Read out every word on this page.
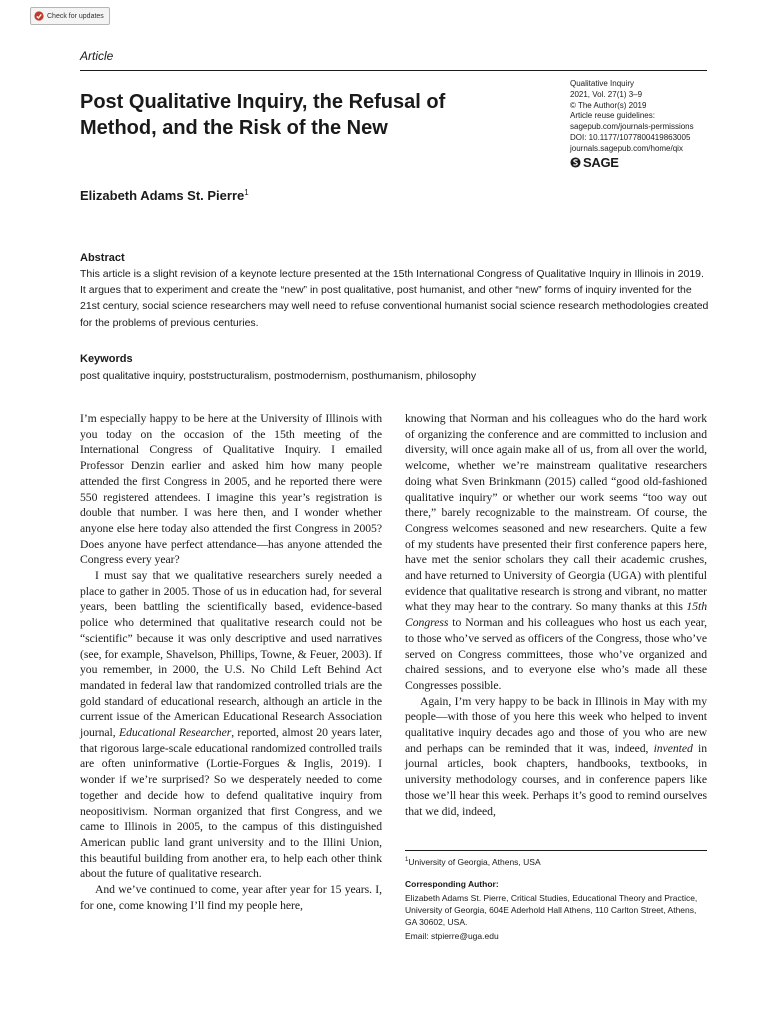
Check for updates
Article
Post Qualitative Inquiry, the Refusal of Method, and the Risk of the New
Qualitative Inquiry
2021, Vol. 27(1) 3–9
© The Author(s) 2019
Article reuse guidelines:
sagepub.com/journals-permissions
DOI: 10.1177/1077800419863005
journals.sagepub.com/home/qix
SAGE
Elizabeth Adams St. Pierre$^1$
Abstract
This article is a slight revision of a keynote lecture presented at the 15th International Congress of Qualitative Inquiry in Illinois in 2019. It argues that to experiment and create the “new” in post qualitative, post humanist, and other “new” forms of inquiry invented for the 21st century, social science researchers may well need to refuse conventional humanist social science research methodologies created for the problems of previous centuries.
Keywords
post qualitative inquiry, poststructuralism, postmodernism, posthumanism, philosophy

I’m especially happy to be here at the University of Illinois with you today on the occasion of the 15th meeting of the International Congress of Qualitative Inquiry. I emailed Professor Denzin earlier and asked him how many people attended the first Congress in 2005, and he reported there were 550 registered attendees. I imagine this year’s registration is double that number. I was here then, and I wonder whether anyone else here today also attended the first Congress in 2005? Does anyone have perfect attendance—has anyone attended the Congress every year?

I must say that we qualitative researchers surely needed a place to gather in 2005. Those of us in education had, for several years, been battling the scientifically based, evidence-based police who determined that qualitative research could not be “scientific” because it was only descriptive and used narratives (see, for example, Shavelson, Phillips, Towne, & Feuer, 2003). If you remember, in 2000, the U.S. No Child Left Behind Act mandated in federal law that randomized controlled trials are the gold standard of educational research, although an article in the current issue of the American Educational Research Association journal, Educational Researcher, reported, almost 20 years later, that rigorous large-scale educational randomized controlled trails are often uninformative (Lortie-Forgues & Inglis, 2019). I wonder if we’re surprised? So we desperately needed to come together and decide how to defend qualitative inquiry from neopositivism. Norman organized that first Congress, and we came to Illinois in 2005, to the campus of this distinguished American public land grant university and to the Illini Union, this beautiful building from another era, to help each other think about the future of qualitative research.

And we’ve continued to come, year after year for 15 years. I, for one, come knowing I’ll find my people here,

knowing that Norman and his colleagues who do the hard work of organizing the conference and are committed to inclusion and diversity, will once again make all of us, from all over the world, welcome, whether we’re mainstream qualitative researchers doing what Sven Brinkmann (2015) called “good old-fashioned qualitative inquiry” or whether our work seems “too way out there,” barely recognizable to the mainstream. Of course, the Congress welcomes seasoned and new researchers. Quite a few of my students have presented their first conference papers here, have met the senior scholars they call their academic crushes, and have returned to University of Georgia (UGA) with plentiful evidence that qualitative research is strong and vibrant, no matter what they may hear to the contrary. So many thanks at this 15th Congress to Norman and his colleagues who host us each year, to those who’ve served as officers of the Congress, those who’ve served on Congress committees, those who’ve organized and chaired sessions, and to everyone else who’s made all these Congresses possible.

Again, I’m very happy to be back in Illinois in May with my people—with those of you here this week who helped to invent qualitative inquiry decades ago and those of you who are new and perhaps can be reminded that it was, indeed, invented in journal articles, book chapters, handbooks, textbooks, in university methodology courses, and in conference papers like those we’ll hear this week. Perhaps it’s good to remind ourselves that we did, indeed,

$^1$University of Georgia, Athens, USA
Corresponding Author:
Elizabeth Adams St. Pierre, Critical Studies, Educational Theory and Practice, University of Georgia, 604E Aderhold Hall Athens, 110 Carlton Street, Athens, GA 30602, USA.
Email: stpierre@uga.edu
